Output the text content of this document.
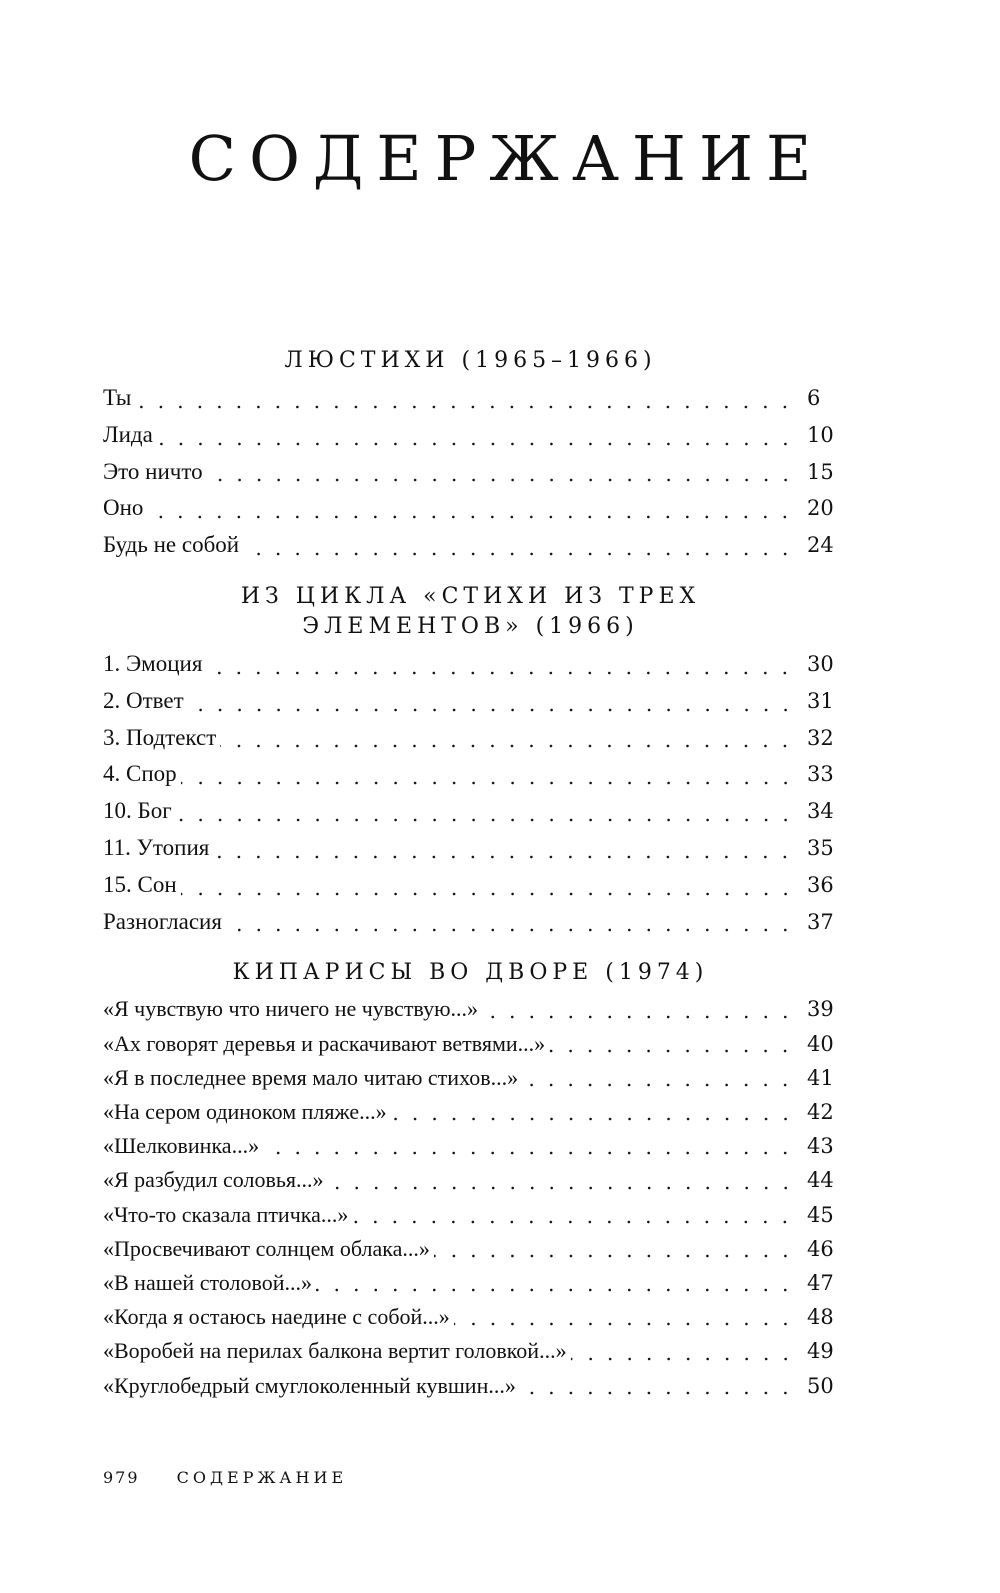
СОДЕРЖАНИЕ
ЛЮСТИХИ (1965–1966)
Ты	6
Лида	10
Это ничто	15
Оно	20
Будь не собой	24
ИЗ ЦИКЛА «СТИХИ ИЗ ТРЕХ
ЭЛЕМЕНТОВ» (1966)
1. Эмоция	30
2. Ответ	31
3. Подтекст	32
4. Спор	33
10. Бог	34
11. Утопия	35
15. Сон	36
Разногласия	37
КИПАРИСЫ ВО ДВОРЕ (1974)
«Я чувствую что ничего не чувствую...»	39
«Ах говорят деревья и раскачивают ветвями...»	40
«Я в последнее время мало читаю стихов...»	41
«На сером одиноком пляже...»	42
«Шелковинка...»	43
«Я разбудил соловья...»	44
«Что-то сказала птичка...»	45
«Просвечивают солнцем облака...»	46
«В нашей столовой...»	47
«Когда я остаюсь наедине с собой...»	48
«Воробей на перилах балкона вертит головкой...»	49
«Круглобедрый смуглоколенный кувшин...»	50
979 СОДЕРЖАНИЕ
